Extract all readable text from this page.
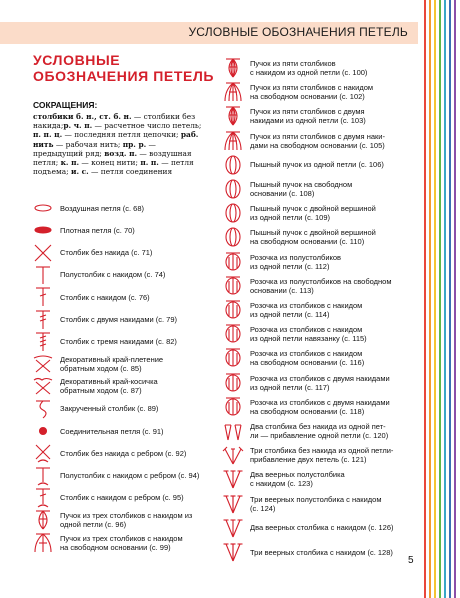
УСЛОВНЫЕ ОБОЗНАЧЕНИЯ ПЕТЕЛЬ
УСЛОВНЫЕ
ОБОЗНАЧЕНИЯ ПЕТЕЛЬ
СОКРАЩЕНИЯ:
столбики б. н., ст. б. н. — столбики без накида;р. ч. п. — расчетное число петель; п. п. ц. — последняя петля цепочки; раб. нить — рабочая нить; пр. р. — предыдущий ряд; возд. п. — воздушная петля; к. п. — конец нити; п. п. — петля подъема; и. с. — петля соединения
Воздушная петля (с. 68)
Плотная петля (с. 70)
Столбик без накида (с. 71)
Полустолбик с накидом (с. 74)
Столбик с накидом (с. 76)
Столбик с двумя накидами (с. 79)
Столбик с тремя накидами (с. 82)
Декоративный край-плетение
обратным ходом (с. 85)
Декоративный край-косичка
обратным ходом (с. 87)
Закрученный столбик (с. 89)
Соединительная петля (с. 91)
Столбик без накида с ребром (с. 92)
Полустолбик с накидом с ребром (с. 94)
Столбик с накидом с ребром (с. 95)
Пучок из трех столбиков с накидом из
одной петли (с. 96)
Пучок из трех столбиков с накидом
на свободном основании (с. 99)
Пучок из пяти столбиков
с накидом из одной петли (с. 100)
Пучок из пяти столбиков с накидом
на свободном основании (с. 102)
Пучок из пяти столбиков с двумя
накидами из одной петли (с. 103)
Пучок из пяти столбиков с двумя наки-
дами на свободном основании (с. 105)
Пышный пучок из одной петли (с. 106)
Пышный пучок на свободном
основании (с. 108)
Пышный пучок с двойной вершиной
из одной петли (с. 109)
Пышный пучок с двойной вершиной
на свободном основании (с. 110)
Розочка из полустолбиков
из одной петли (с. 112)
Розочка из полустолбиков на свободном
основании (с. 113)
Розочка из столбиков с накидом
из одной петли (с. 114)
Розочка из столбиков с накидом
из одной петли навязанку (с. 115)
Розочка из столбиков с накидом
на свободном основании (с. 116)
Розочка из столбиков с двумя накидами
из одной петли (с. 117)
Розочка из столбиков с двумя накидами
на свободном основании (с. 118)
Два столбика без накида из одной пет-
ли — прибавление одной петли (с. 120)
Три столбика без накида из одной петли-
прибавление двух петель (с. 121)
Два веерных полустолбика
с накидом (с. 123)
Три веерных полустолбика с накидом
(с. 124)
Два веерных столбика с накидом (с. 126)
Три веерных столбика с накидом (с. 128)
5
